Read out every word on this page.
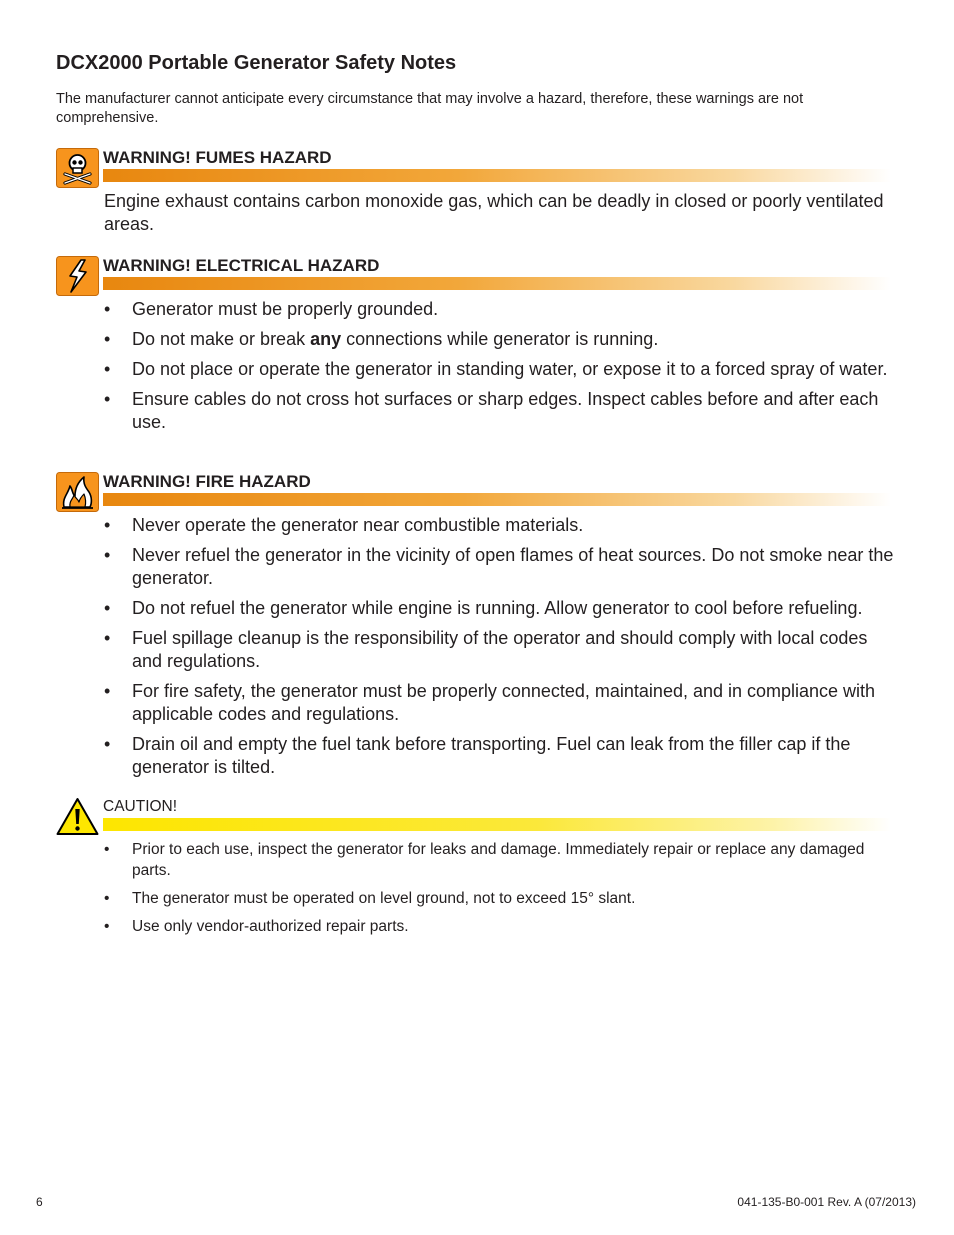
DCX2000 Portable Generator Safety Notes

The manufacturer cannot anticipate every circumstance that may involve a hazard, therefore, these warnings are not comprehensive.

WARNING! FUMES HAZARD

Engine exhaust contains carbon monoxide gas, which can be deadly in closed or poorly ventilated areas.

WARNING! ELECTRICAL HAZARD
• Generator must be properly grounded.
• Do not make or break any connections while generator is running.
• Do not place or operate the generator in standing water, or expose it to a forced spray of water.
• Ensure cables do not cross hot surfaces or sharp edges. Inspect cables before and after each use.
WARNING! FIRE HAZARD
• Never operate the generator near combustible materials.
• Never refuel the generator in the vicinity of open flames of heat sources. Do not smoke near the generator.
• Do not refuel the generator while engine is running. Allow generator to cool before refueling.
• Fuel spillage cleanup is the responsibility of the operator and should comply with local codes and regulations.
• For fire safety, the generator must be properly connected, maintained, and in compliance with applicable codes and regulations.
• Drain oil and empty the fuel tank before transporting. Fuel can leak from the filler cap if the generator is tilted.
CAUTION!
• Prior to each use, inspect the generator for leaks and damage. Immediately repair or replace any damaged parts.
• The generator must be operated on level ground, not to exceed 15° slant.
• Use only vendor-authorized repair parts.
6	041-135-B0-001 Rev. A (07/2013)
